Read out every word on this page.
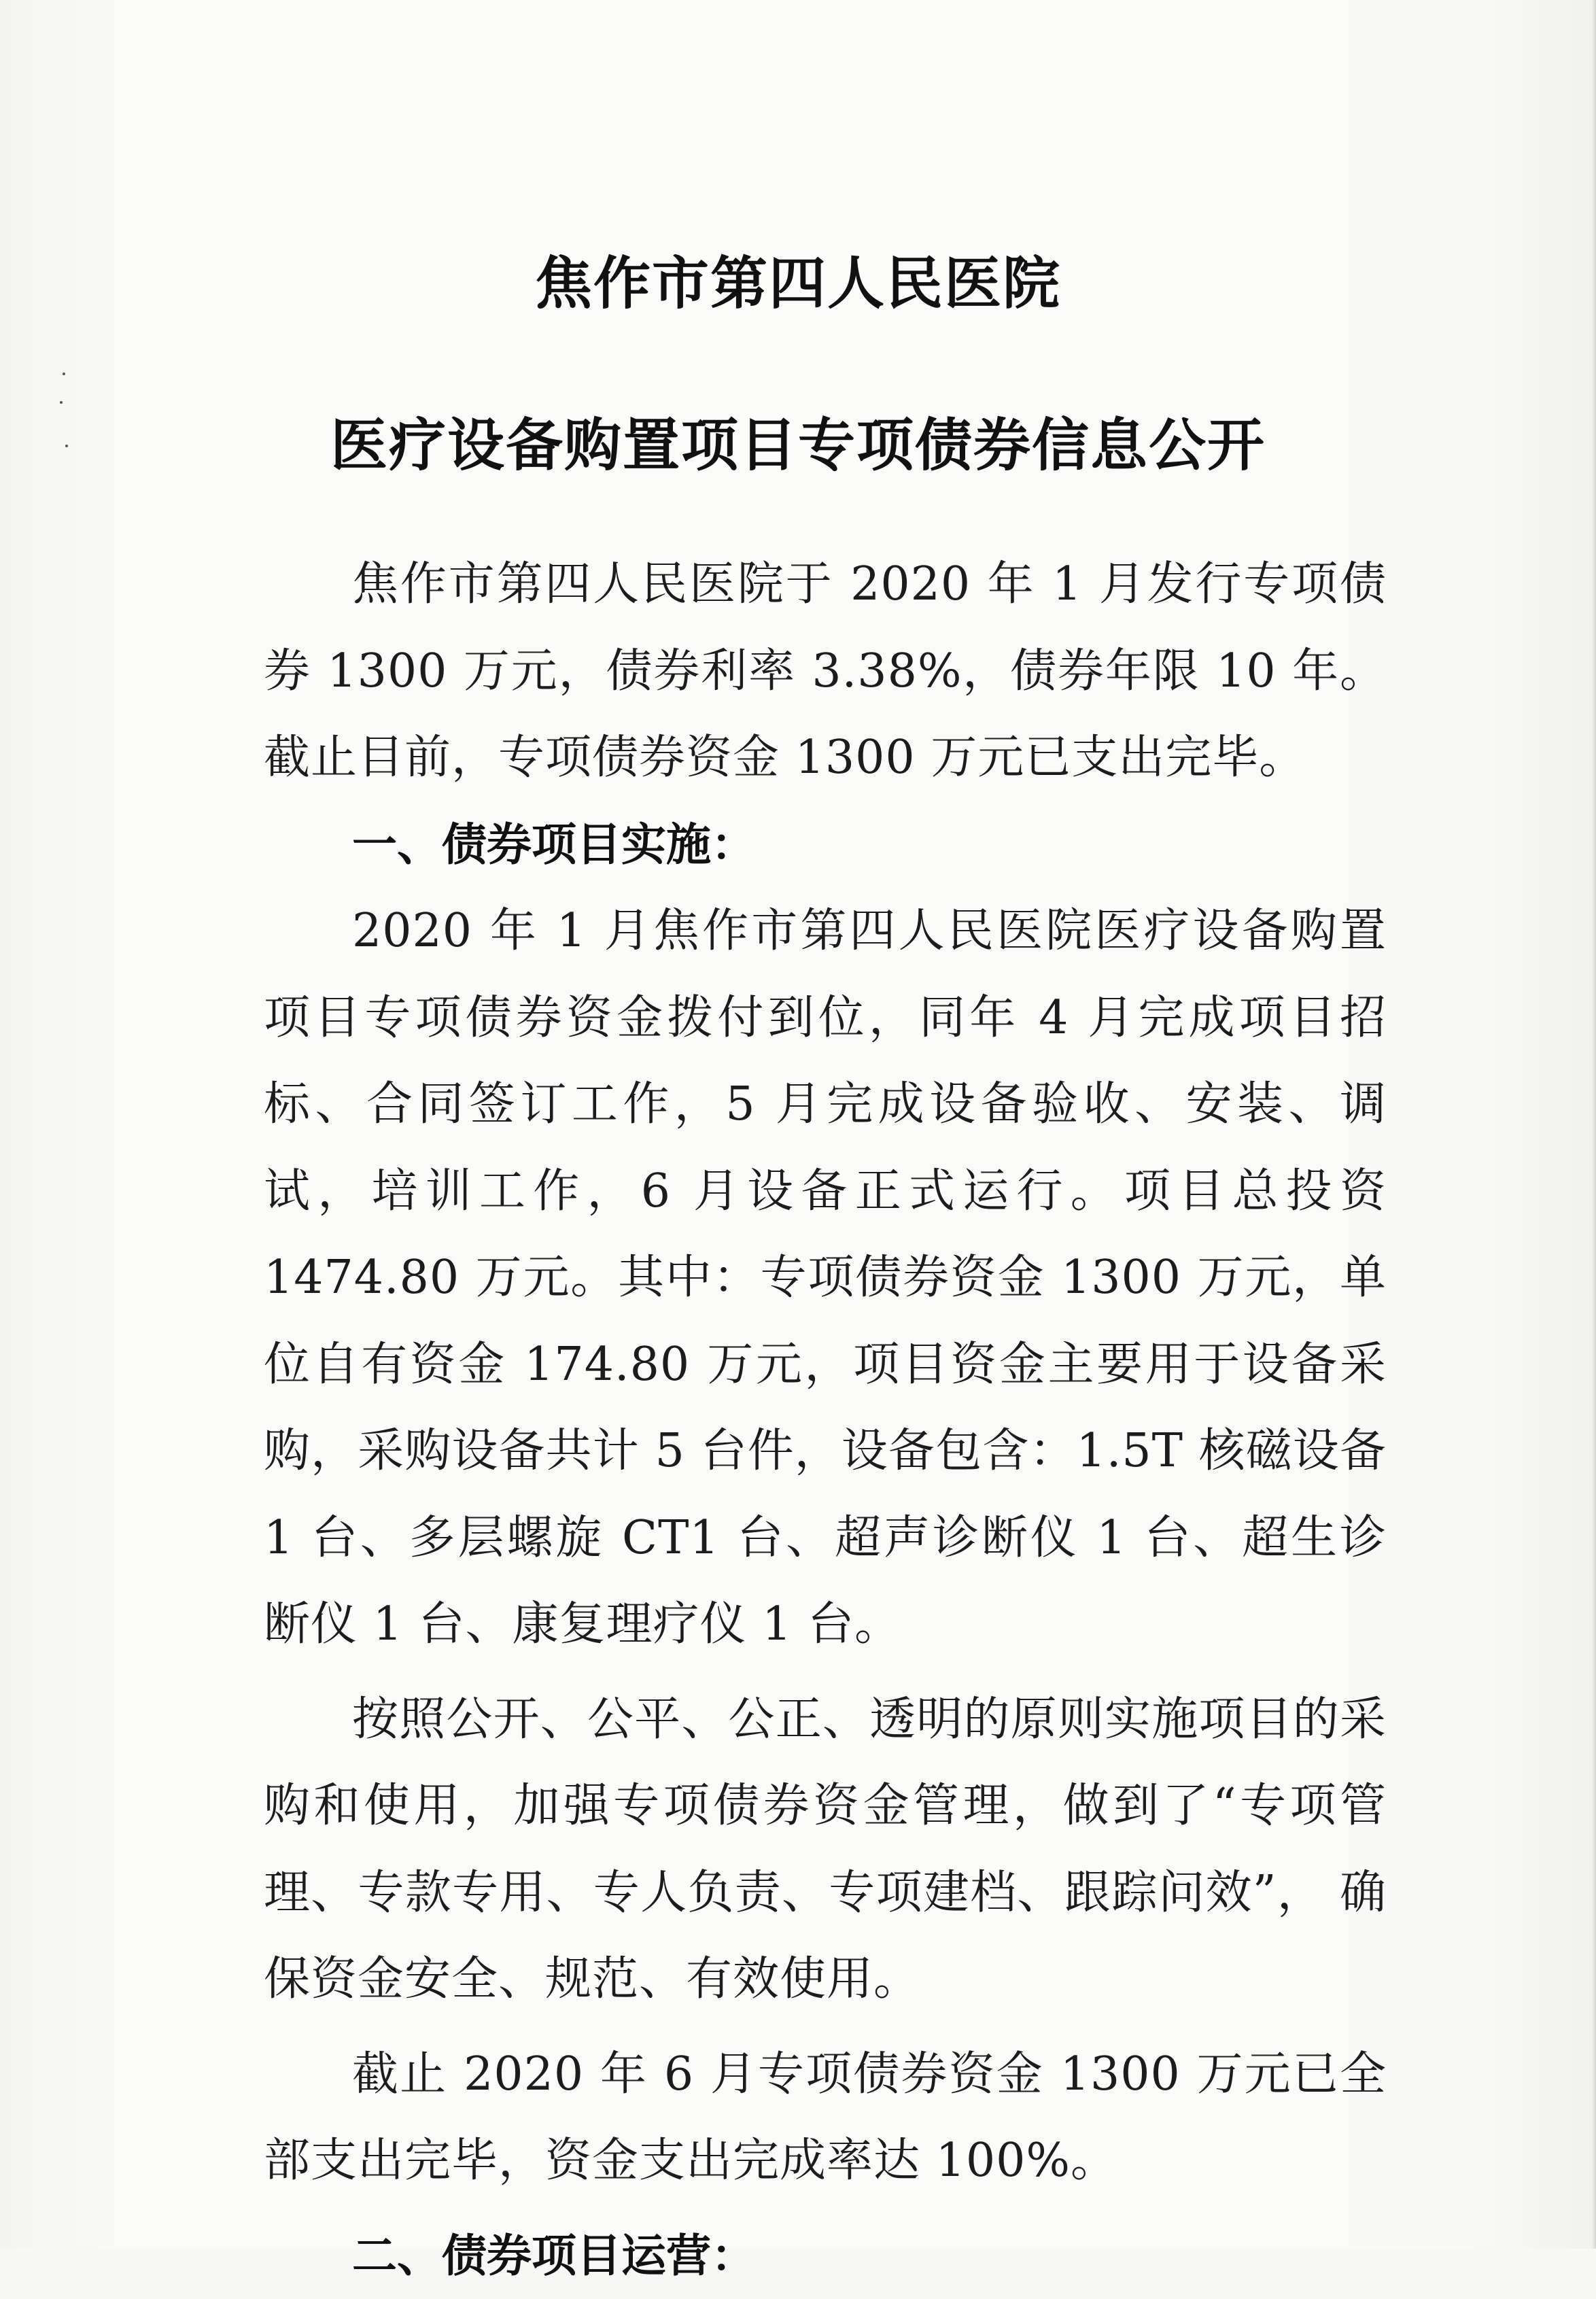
焦作市第四人民医院
医疗设备购置项目专项债券信息公开

焦作市第四人民医院于 2020 年 1 月发行专项债券 1300 万元，债券利率 3.38%，债券年限 10 年。截止目前，专项债券资金 1300 万元已支出完毕。

一、债券项目实施：

2020 年 1 月焦作市第四人民医院医疗设备购置项目专项债券资金拨付到位，同年 4 月完成项目招标、合同签订工作，5 月完成设备验收、安装、调试，培训工作，6 月设备正式运行。项目总投资 1474.80 万元。其中：专项债券资金 1300 万元，单位自有资金 174.80 万元，项目资金主要用于设备采购，采购设备共计 5 台件，设备包含：1.5T 核磁设备 1 台、多层螺旋 CT1 台、超声诊断仪 1 台、超生诊断仪 1 台、康复理疗仪 1 台。

按照公开、公平、公正、透明的原则实施项目的采购和使用，加强专项债券资金管理，做到了“专项管理、专款专用、专人负责、专项建档、跟踪问效”， 确保资金安全、规范、有效使用。

截止 2020 年 6 月专项债券资金 1300 万元已全部支出完毕，资金支出完成率达 100%。

二、债券项目运营：
